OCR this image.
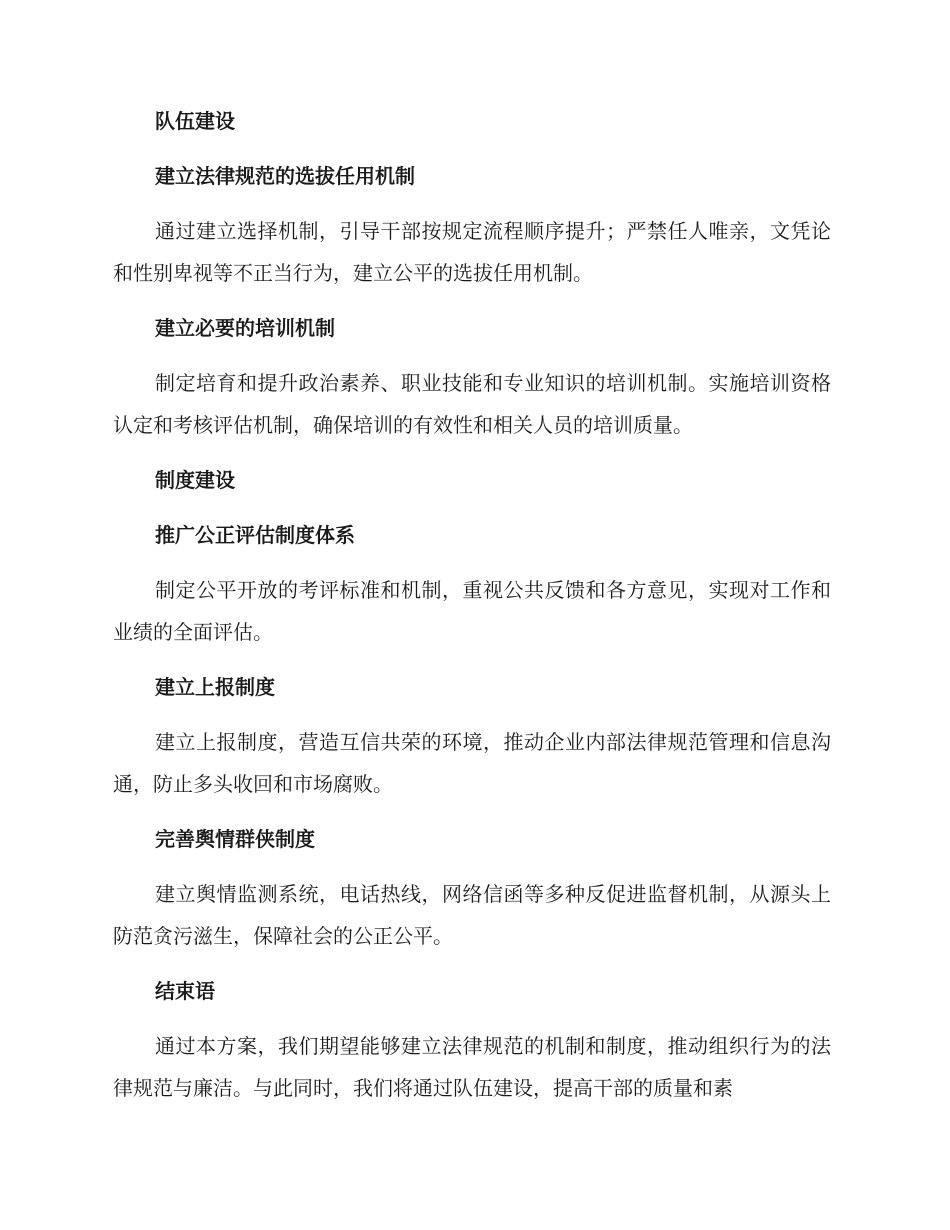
队伍建设
建立法律规范的选拔任用机制
通过建立选择机制，引导干部按规定流程顺序提升；严禁任人唯亲，文凭论和性别卑视等不正当行为，建立公平的选拔任用机制。
建立必要的培训机制
制定培育和提升政治素养、职业技能和专业知识的培训机制。实施培训资格认定和考核评估机制，确保培训的有效性和相关人员的培训质量。
制度建设
推广公正评估制度体系
制定公平开放的考评标准和机制，重视公共反馈和各方意见，实现对工作和业绩的全面评估。
建立上报制度
建立上报制度，营造互信共荣的环境，推动企业内部法律规范管理和信息沟通，防止多头收回和市场腐败。
完善舆情群侠制度
建立舆情监测系统，电话热线，网络信函等多种反促进监督机制，从源头上防范贪污滋生，保障社会的公正公平。
结束语
通过本方案，我们期望能够建立法律规范的机制和制度，推动组织行为的法律规范与廉洁。与此同时，我们将通过队伍建设，提高干部的质量和素
